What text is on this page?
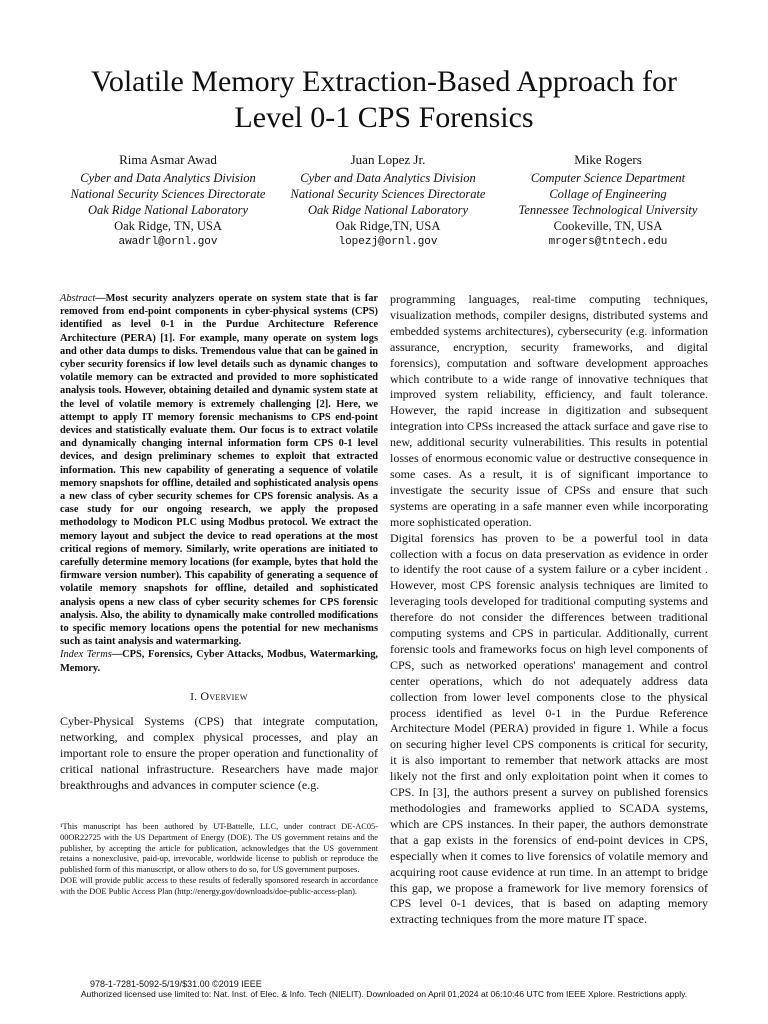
Volatile Memory Extraction-Based Approach for
Level 0-1 CPS Forensics
Rima Asmar Awad
Cyber and Data Analytics Division
National Security Sciences Directorate
Oak Ridge National Laboratory
Oak Ridge, TN, USA
awadrl@ornl.gov
Juan Lopez Jr.
Cyber and Data Analytics Division
National Security Sciences Directorate
Oak Ridge National Laboratory
Oak Ridge,TN, USA
lopezj@ornl.gov
Mike Rogers
Computer Science Department
Collage of Engineering
Tennessee Technological University
Cookeville, TN, USA
mrogers@tntech.edu

Abstract—Most security analyzers operate on system state that is far removed from end-point components in cyber-physical systems (CPS) identified as level 0-1 in the Purdue Architecture Reference Architecture (PERA) [1]. For example, many operate on system logs and other data dumps to disks. Tremendous value that can be gained in cyber security forensics if low level details such as dynamic changes to volatile memory can be extracted and provided to more sophisticated analysis tools. However, obtaining detailed and dynamic system state at the level of volatile memory is extremely challenging [2]. Here, we attempt to apply IT memory forensic mechanisms to CPS end-point devices and statistically evaluate them. Our focus is to extract volatile and dynamically changing internal information form CPS 0-1 level devices, and design preliminary schemes to exploit that extracted information. This new capability of generating a sequence of volatile memory snapshots for offline, detailed and sophisticated analysis opens a new class of cyber security schemes for CPS forensic analysis. As a case study for our ongoing research, we apply the proposed methodology to Modicon PLC using Modbus protocol. We extract the memory layout and subject the device to read operations at the most critical regions of memory. Similarly, write operations are initiated to carefully determine memory locations (for example, bytes that hold the firmware version number). This capability of generating a sequence of volatile memory snapshots for offline, detailed and sophisticated analysis opens a new class of cyber security schemes for CPS forensic analysis. Also, the ability to dynamically make controlled modifications to specific memory locations opens the potential for new mechanisms such as taint analysis and watermarking.

Index Terms—CPS, Forensics, Cyber Attacks, Modbus, Watermarking, Memory.

I. Overview

Cyber-Physical Systems (CPS) that integrate computation, networking, and complex physical processes, and play an important role to ensure the proper operation and functionality of critical national infrastructure. Researchers have made major breakthroughs and advances in computer science (e.g.

¹This manuscript has been authored by UT-Battelle, LLC, under contract DE-AC05-00OR22725 with the US Department of Energy (DOE). The US government retains and the publisher, by accepting the article for publication, acknowledges that the US government retains a nonexclusive, paid-up, irrevocable, worldwide license to publish or reproduce the published form of this manuscript, or allow others to do so, for US government purposes.

DOE will provide public access to these results of federally sponsored research in accordance with the DOE Public Access Plan (http://energy.gov/downloads/doe-public-access-plan).

programming languages, real-time computing techniques, visualization methods, compiler designs, distributed systems and embedded systems architectures), cybersecurity (e.g. information assurance, encryption, security frameworks, and digital forensics), computation and software development approaches which contribute to a wide range of innovative techniques that improved system reliability, efficiency, and fault tolerance. However, the rapid increase in digitization and subsequent integration into CPSs increased the attack surface and gave rise to new, additional security vulnerabilities. This results in potential losses of enormous economic value or destructive consequence in some cases. As a result, it is of significant importance to investigate the security issue of CPSs and ensure that such systems are operating in a safe manner even while incorporating more sophisticated operation.

Digital forensics has proven to be a powerful tool in data collection with a focus on data preservation as evidence in order to identify the root cause of a system failure or a cyber incident . However, most CPS forensic analysis techniques are limited to leveraging tools developed for traditional computing systems and therefore do not consider the differences between traditional computing systems and CPS in particular. Additionally, current forensic tools and frameworks focus on high level components of CPS, such as networked operations' management and control center operations, which do not adequately address data collection from lower level components close to the physical process identified as level 0-1 in the Purdue Reference Architecture Model (PERA) provided in figure 1. While a focus on securing higher level CPS components is critical for security, it is also important to remember that network attacks are most likely not the first and only exploitation point when it comes to CPS. In [3], the authors present a survey on published forensics methodologies and frameworks applied to SCADA systems, which are CPS instances. In their paper, the authors demonstrate that a gap exists in the forensics of end-point devices in CPS, especially when it comes to live forensics of volatile memory and acquiring root cause evidence at run time. In an attempt to bridge this gap, we propose a framework for live memory forensics of CPS level 0-1 devices, that is based on adapting memory extracting techniques from the more mature IT space.

978-1-7281-5092-5/19/$31.00 ©2019 IEEE
Authorized licensed use limited to: Nat. Inst. of Elec. & Info. Tech (NIELIT). Downloaded on April 01,2024 at 06:10:46 UTC from IEEE Xplore. Restrictions apply.
